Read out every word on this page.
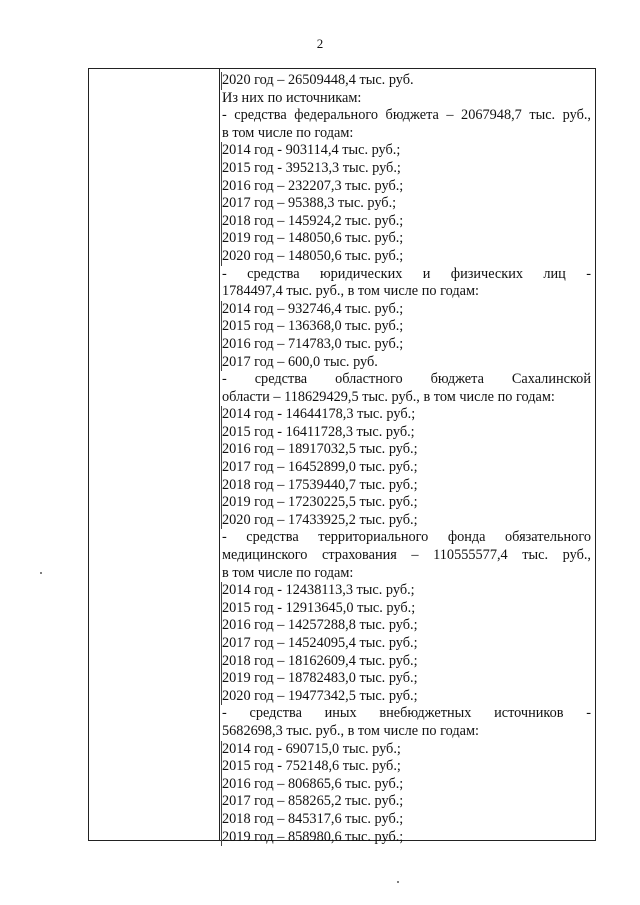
2
2020 год – 26509448,4 тыс. руб.
Из них по источникам:
- средства федерального бюджета – 2067948,7 тыс. руб.,
в том числе по годам:
2014 год - 903114,4 тыс. руб.;
2015 год - 395213,3 тыс. руб.;
2016 год – 232207,3 тыс. руб.;
2017 год – 95388,3 тыс. руб.;
2018 год – 145924,2 тыс. руб.;
2019 год – 148050,6 тыс. руб.;
2020 год – 148050,6 тыс. руб.;
- средства юридических и физических лиц -
1784497,4 тыс. руб., в том числе по годам:
2014 год – 932746,4 тыс. руб.;
2015 год – 136368,0 тыс. руб.;
2016 год – 714783,0 тыс. руб.;
2017 год – 600,0 тыс. руб.
- средства областного бюджета Сахалинской
области – 118629429,5 тыс. руб., в том числе по годам:
2014 год - 14644178,3 тыс. руб.;
2015 год - 16411728,3 тыс. руб.;
2016 год – 18917032,5 тыс. руб.;
2017 год – 16452899,0 тыс. руб.;
2018 год – 17539440,7 тыс. руб.;
2019 год – 17230225,5 тыс. руб.;
2020 год – 17433925,2 тыс. руб.;
- средства территориального фонда обязательного
медицинского страхования – 110555577,4 тыс. руб.,
в том числе по годам:
2014 год - 12438113,3 тыс. руб.;
2015 год - 12913645,0 тыс. руб.;
2016 год – 14257288,8 тыс. руб.;
2017 год – 14524095,4 тыс. руб.;
2018 год – 18162609,4 тыс. руб.;
2019 год – 18782483,0 тыс. руб.;
2020 год – 19477342,5 тыс. руб.;
- средства иных внебюджетных источников -
5682698,3 тыс. руб., в том числе по годам:
2014 год - 690715,0 тыс. руб.;
2015 год - 752148,6 тыс. руб.;
2016 год – 806865,6 тыс. руб.;
2017 год – 858265,2 тыс. руб.;
2018 год – 845317,6 тыс. руб.;
2019 год – 858980,6 тыс. руб.;
